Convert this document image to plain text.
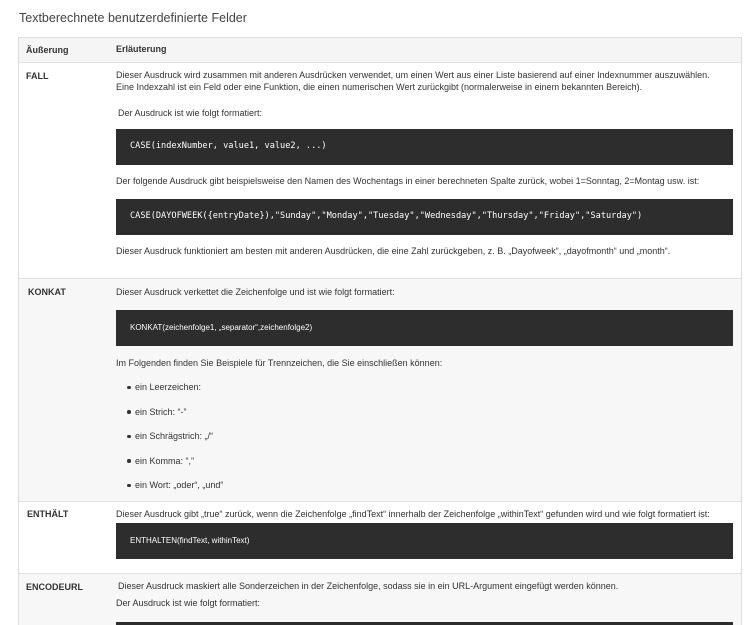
Textberechnete benutzerdefinierte Felder
Äußerung	Erläuterung
FALL	Dieser Ausdruck wird zusammen mit anderen Ausdrücken verwendet, um einen Wert aus einer Liste basierend auf einer Indexnummer auszuwählen.

Eine Indexzahl ist ein Feld oder eine Funktion, die einen numerischen Wert zurückgibt (normalerweise in einem bekannten Bereich).

Der Ausdruck ist wie folgt formatiert:

CASE(indexNumber, value1, value2, ...)

Der folgende Ausdruck gibt beispielsweise den Namen des Wochentags in einer berechneten Spalte zurück, wobei 1=Sonntag, 2=Montag usw. ist:

CASE(DAYOFWEEK({entryDate}),"Sunday","Monday","Tuesday","Wednesday","Thursday","Friday","Saturday")

Dieser Ausdruck funktioniert am besten mit anderen Ausdrücken, die eine Zahl zurückgeben, z. B. „Dayofweek“, „dayofmonth“ und „month“.

KONKAT	Dieser Ausdruck verkettet die Zeichenfolge und ist wie folgt formatiert:

KONKAT(zeichenfolge1, „separator“,zeichenfolge2)

Im Folgenden finden Sie Beispiele für Trennzeichen, die Sie einschließen können:

ein Leerzeichen:
ein Strich: “-”
ein Schrägstrich: „/“
ein Komma: “,”
ein Wort: „oder“, „und“
ENTHÄLT	Dieser Ausdruck gibt „true“ zurück, wenn die Zeichenfolge „findText“ innerhalb der Zeichenfolge „withinText“ gefunden wird und wie folgt formatiert ist:

ENTHALTEN(findText, withinText)
ENCODEURL	Dieser Ausdruck maskiert alle Sonderzeichen in der Zeichenfolge, sodass sie in ein URL-Argument eingefügt werden können.

Der Ausdruck ist wie folgt formatiert:
